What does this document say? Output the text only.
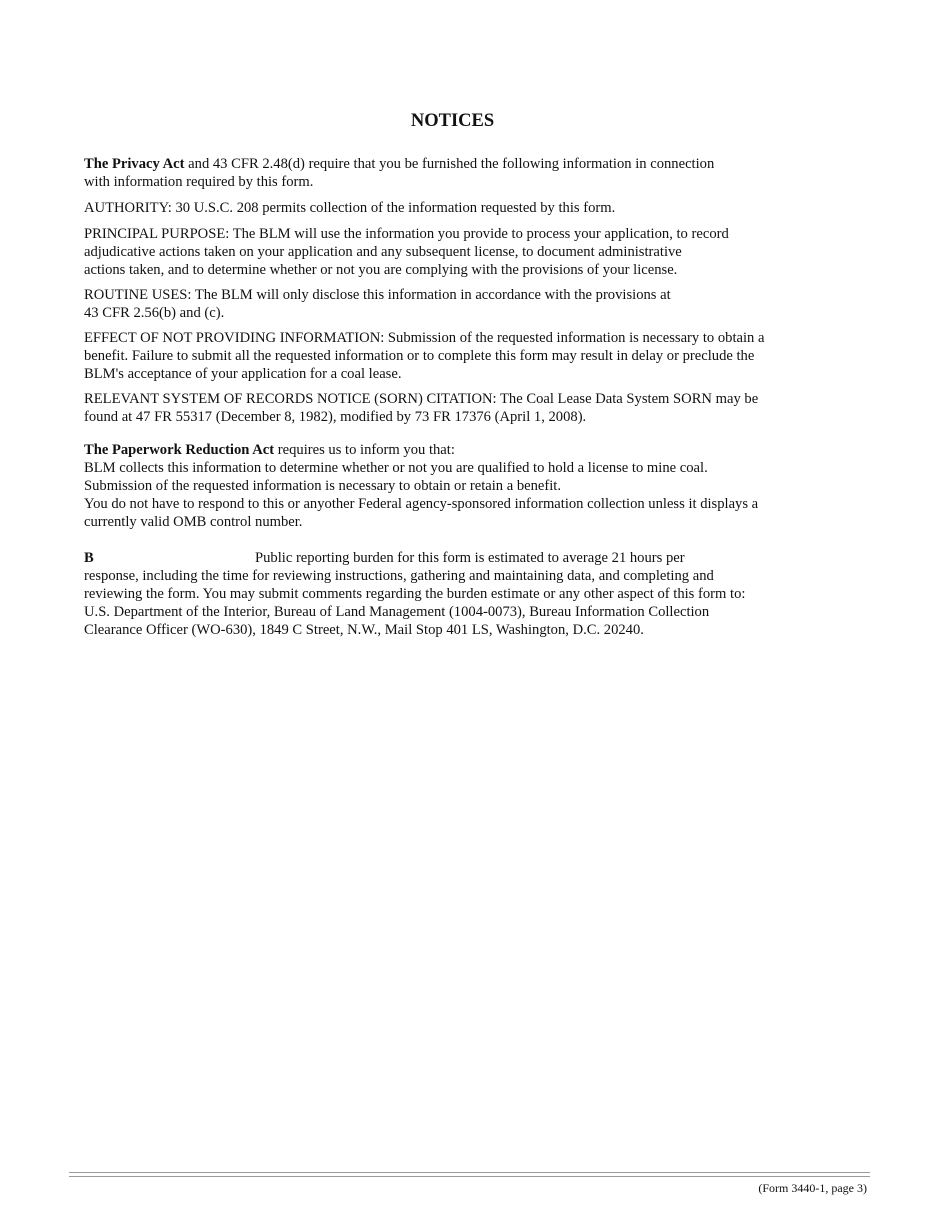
NOTICES

The Privacy Act and 43 CFR 2.48(d) require that you be furnished the following information in connection

with information required by this form.

AUTHORITY: 30 U.S.C. 208 permits collection of the information requested by this form.

PRINCIPAL PURPOSE: The BLM will use the information you provide to process your application, to record

adjudicative actions taken on your application and any subsequent license, to document administrative

actions taken, and to determine whether or not you are complying with the provisions of your license.

ROUTINE USES: The BLM will only disclose this information in accordance with the provisions at

43 CFR 2.56(b) and (c).

EFFECT OF NOT PROVIDING INFORMATION: Submission of the requested information is necessary to obtain a

benefit. Failure to submit all the requested information or to complete this form may result in delay or preclude the

BLM's acceptance of your application for a coal lease.

RELEVANT SYSTEM OF RECORDS NOTICE (SORN) CITATION: The Coal Lease Data System SORN may be

found at 47 FR 55317 (December 8, 1982), modified by 73 FR 17376 (April 1, 2008).

The Paperwork Reduction Act requires us to inform you that:

BLM collects this information to determine whether or not you are qualified to hold a license to mine coal.

Submission of the requested information is necessary to obtain or retain a benefit.

You do not have to respond to this or anyother Federal agency-sponsored information collection unless it displays a

currently valid OMB control number.

B	Public reporting burden for this form is estimated to average 21 hours per

response, including the time for reviewing instructions, gathering and maintaining data, and completing and

reviewing the form. You may submit comments regarding the burden estimate or any other aspect of this form to:

U.S. Department of the Interior, Bureau of Land Management (1004-0073), Bureau Information Collection

Clearance Officer (WO-630), 1849 C Street, N.W., Mail Stop 401 LS, Washington, D.C. 20240.

(Form 3440-1, page 3)
